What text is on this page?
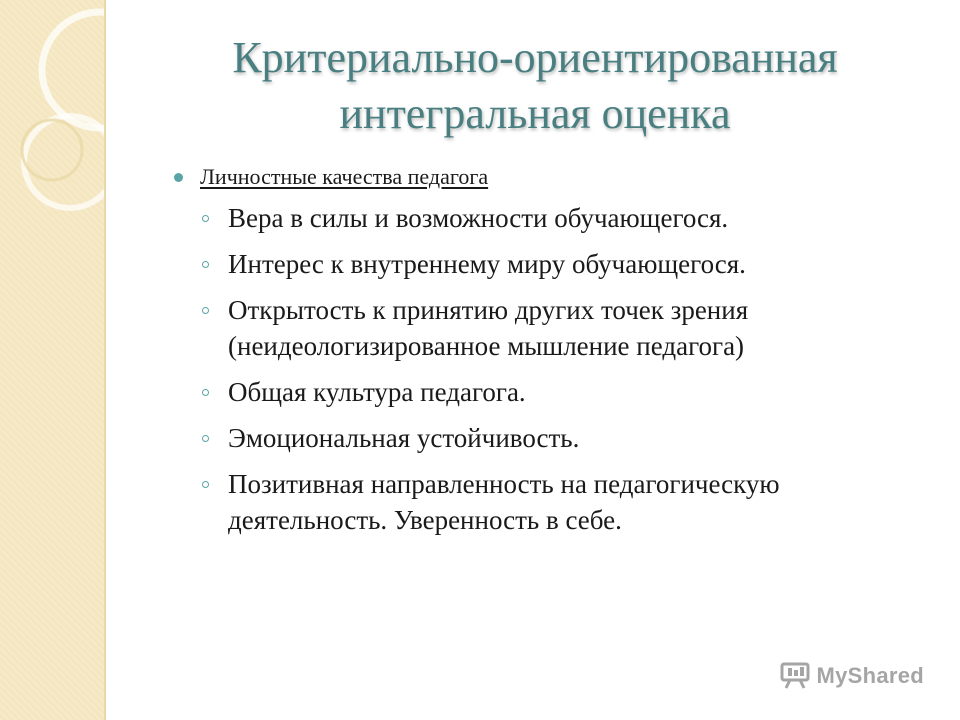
Критериально-ориентированная
интегральная оценка
Личностные качества педагога
Вера в силы и возможности обучающегося.
Интерес к внутреннему миру обучающегося.
Открытость к принятию других точек зрения (неидеологизированное мышление педагога)
Общая культура педагога.
Эмоциональная устойчивость.
Позитивная направленность на педагогическую деятельность. Уверенность в себе.
MyShared
